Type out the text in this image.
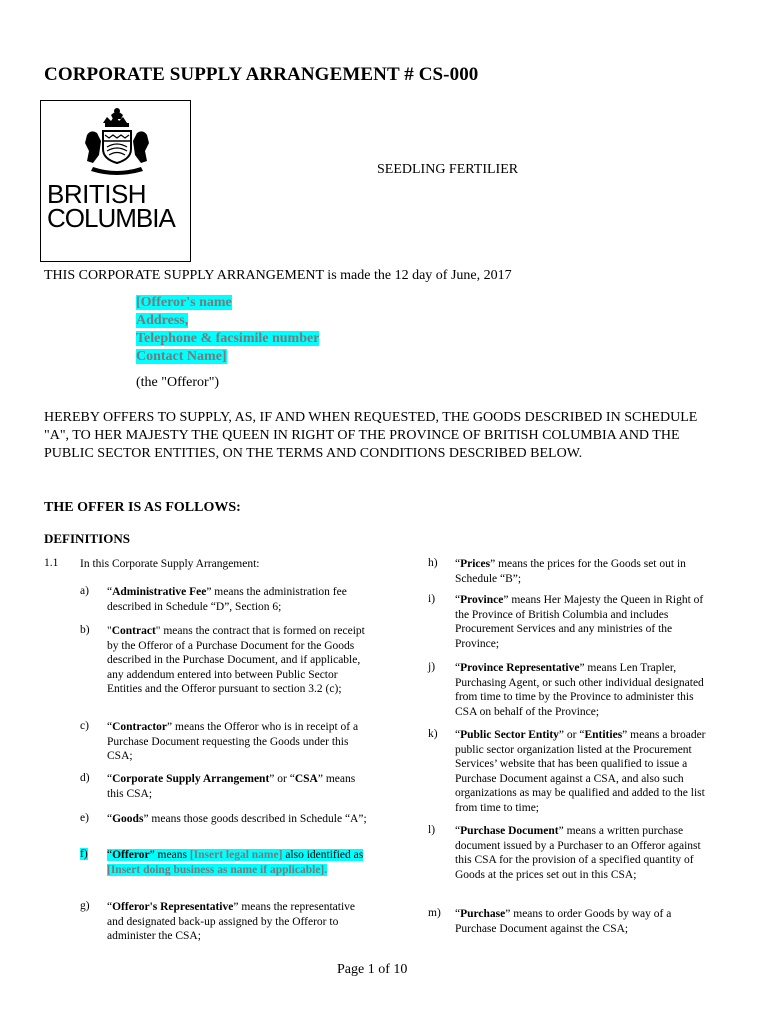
CORPORATE SUPPLY ARRANGEMENT # CS-000
BRITISH
COLUMBIA
SEEDLING FERTILIER
THIS CORPORATE SUPPLY ARRANGEMENT is made the 12 day of June, 2017
[Offeror's name
Address,
Telephone & facsimile number
Contact Name]
(the "Offeror")
HEREBY OFFERS TO SUPPLY, AS, IF AND WHEN REQUESTED, THE GOODS DESCRIBED IN SCHEDULE "A", TO HER MAJESTY THE QUEEN IN RIGHT OF THE PROVINCE OF BRITISH COLUMBIA AND THE PUBLIC SECTOR ENTITIES, ON THE TERMS AND CONDITIONS DESCRIBED BELOW.
THE OFFER IS AS FOLLOWS:
DEFINITIONS
1.1 In this Corporate Supply Arrangement:
a) “Administrative Fee” means the administration fee described in Schedule “D”, Section 6;
b) "Contract" means the contract that is formed on receipt by the Offeror of a Purchase Document for the Goods described in the Purchase Document, and if applicable, any addendum entered into between Public Sector Entities and the Offeror pursuant to section 3.2 (c);
c) “Contractor” means the Offeror who is in receipt of a Purchase Document requesting the Goods under this CSA;
d) “Corporate Supply Arrangement” or “CSA” means this CSA;
e) “Goods” means those goods described in Schedule “A”;
f) “Offeror” means [Insert legal name] also identified as [Insert doing business as name if applicable].
g) “Offeror's Representative” means the representative and designated back-up assigned by the Offeror to administer the CSA;
h) “Prices” means the prices for the Goods set out in Schedule “B”;
i) “Province” means Her Majesty the Queen in Right of the Province of British Columbia and includes Procurement Services and any ministries of the Province;
j) “Province Representative” means Len Trapler, Purchasing Agent, or such other individual designated from time to time by the Province to administer this CSA on behalf of the Province;
k) “Public Sector Entity” or “Entities” means a broader public sector organization listed at the Procurement Services’ website that has been qualified to issue a Purchase Document against a CSA, and also such organizations as may be qualified and added to the list from time to time;
l) “Purchase Document” means a written purchase document issued by a Purchaser to an Offeror against this CSA for the provision of a specified quantity of Goods at the prices set out in this CSA;
m) “Purchase” means to order Goods by way of a Purchase Document against the CSA;
Page 1 of 10
